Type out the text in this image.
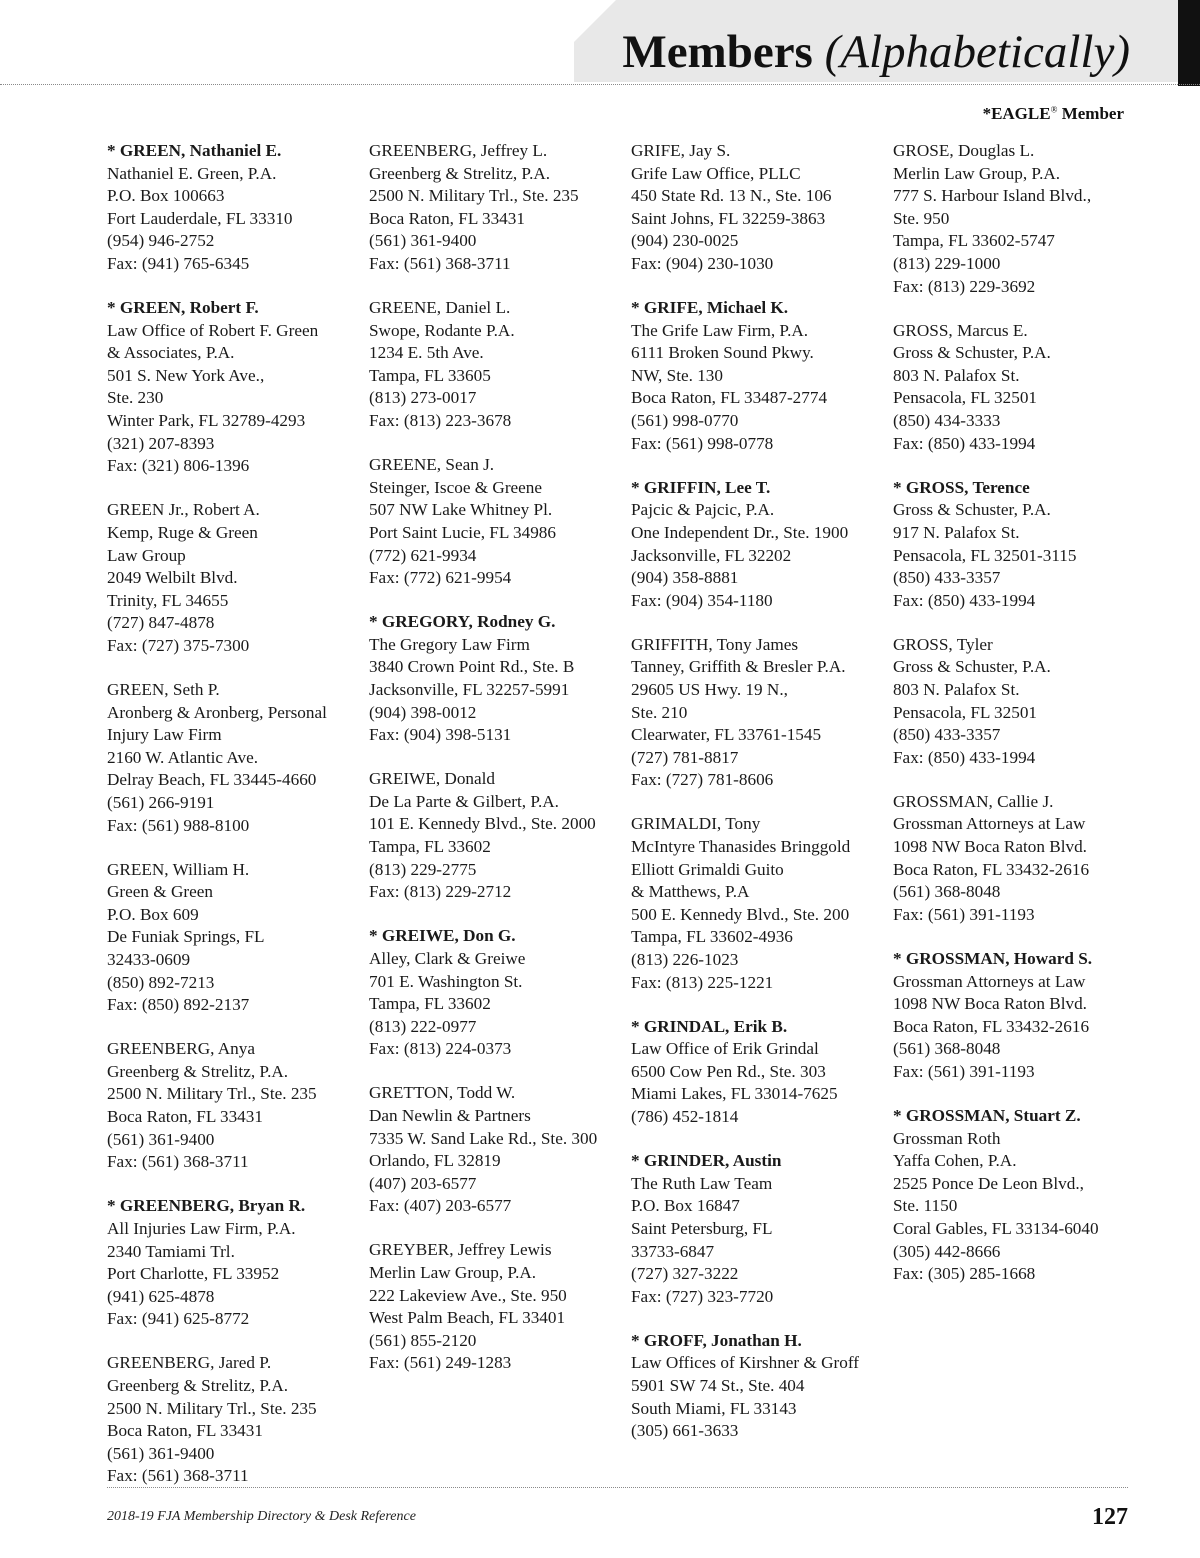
Members (Alphabetically)
*EAGLE® Member
* GREEN, Nathaniel E.
Nathaniel E. Green, P.A.
P.O. Box 100663
Fort Lauderdale, FL 33310
(954) 946-2752
Fax: (941) 765-6345
* GREEN, Robert F.
Law Office of Robert F. Green
& Associates, P.A.
501 S. New York Ave.,
Ste. 230
Winter Park, FL 32789-4293
(321) 207-8393
Fax: (321) 806-1396
GREEN Jr., Robert A.
Kemp, Ruge & Green
Law Group
2049 Welbilt Blvd.
Trinity, FL 34655
(727) 847-4878
Fax: (727) 375-7300
GREEN, Seth P.
Aronberg & Aronberg, Personal
Injury Law Firm
2160 W. Atlantic Ave.
Delray Beach, FL 33445-4660
(561) 266-9191
Fax: (561) 988-8100
GREEN, William H.
Green & Green
P.O. Box 609
De Funiak Springs, FL
32433-0609
(850) 892-7213
Fax: (850) 892-2137
GREENBERG, Anya
Greenberg & Strelitz, P.A.
2500 N. Military Trl., Ste. 235
Boca Raton, FL 33431
(561) 361-9400
Fax: (561) 368-3711
* GREENBERG, Bryan R.
All Injuries Law Firm, P.A.
2340 Tamiami Trl.
Port Charlotte, FL 33952
(941) 625-4878
Fax: (941) 625-8772
GREENBERG, Jared P.
Greenberg & Strelitz, P.A.
2500 N. Military Trl., Ste. 235
Boca Raton, FL 33431
(561) 361-9400
Fax: (561) 368-3711
GREENBERG, Jeffrey L.
Greenberg & Strelitz, P.A.
2500 N. Military Trl., Ste. 235
Boca Raton, FL 33431
(561) 361-9400
Fax: (561) 368-3711
GREENE, Daniel L.
Swope, Rodante P.A.
1234 E. 5th Ave.
Tampa, FL 33605
(813) 273-0017
Fax: (813) 223-3678
GREENE, Sean J.
Steinger, Iscoe & Greene
507 NW Lake Whitney Pl.
Port Saint Lucie, FL 34986
(772) 621-9934
Fax: (772) 621-9954
* GREGORY, Rodney G.
The Gregory Law Firm
3840 Crown Point Rd., Ste. B
Jacksonville, FL 32257-5991
(904) 398-0012
Fax: (904) 398-5131
GREIWE, Donald
De La Parte & Gilbert, P.A.
101 E. Kennedy Blvd., Ste. 2000
Tampa, FL 33602
(813) 229-2775
Fax: (813) 229-2712
* GREIWE, Don G.
Alley, Clark & Greiwe
701 E. Washington St.
Tampa, FL 33602
(813) 222-0977
Fax: (813) 224-0373
GRETTON, Todd W.
Dan Newlin & Partners
7335 W. Sand Lake Rd., Ste. 300
Orlando, FL 32819
(407) 203-6577
Fax: (407) 203-6577
GREYBER, Jeffrey Lewis
Merlin Law Group, P.A.
222 Lakeview Ave., Ste. 950
West Palm Beach, FL 33401
(561) 855-2120
Fax: (561) 249-1283
GRIFE, Jay S.
Grife Law Office, PLLC
450 State Rd. 13 N., Ste. 106
Saint Johns, FL 32259-3863
(904) 230-0025
Fax: (904) 230-1030
* GRIFE, Michael K.
The Grife Law Firm, P.A.
6111 Broken Sound Pkwy.
NW, Ste. 130
Boca Raton, FL 33487-2774
(561) 998-0770
Fax: (561) 998-0778
* GRIFFIN, Lee T.
Pajcic & Pajcic, P.A.
One Independent Dr., Ste. 1900
Jacksonville, FL 32202
(904) 358-8881
Fax: (904) 354-1180
GRIFFITH, Tony James
Tanney, Griffith & Bresler P.A.
29605 US Hwy. 19 N.,
Ste. 210
Clearwater, FL 33761-1545
(727) 781-8817
Fax: (727) 781-8606
GRIMALDI, Tony
McIntyre Thanasides Bringgold
Elliott Grimaldi Guito
& Matthews, P.A
500 E. Kennedy Blvd., Ste. 200
Tampa, FL 33602-4936
(813) 226-1023
Fax: (813) 225-1221
* GRINDAL, Erik B.
Law Office of Erik Grindal
6500 Cow Pen Rd., Ste. 303
Miami Lakes, FL 33014-7625
(786) 452-1814
* GRINDER, Austin
The Ruth Law Team
P.O. Box 16847
Saint Petersburg, FL
33733-6847
(727) 327-3222
Fax: (727) 323-7720
* GROFF, Jonathan H.
Law Offices of Kirshner & Groff
5901 SW 74 St., Ste. 404
South Miami, FL 33143
(305) 661-3633
GROSE, Douglas L.
Merlin Law Group, P.A.
777 S. Harbour Island Blvd.,
Ste. 950
Tampa, FL 33602-5747
(813) 229-1000
Fax: (813) 229-3692
GROSS, Marcus E.
Gross & Schuster, P.A.
803 N. Palafox St.
Pensacola, FL 32501
(850) 434-3333
Fax: (850) 433-1994
* GROSS, Terence
Gross & Schuster, P.A.
917 N. Palafox St.
Pensacola, FL 32501-3115
(850) 433-3357
Fax: (850) 433-1994
GROSS, Tyler
Gross & Schuster, P.A.
803 N. Palafox St.
Pensacola, FL 32501
(850) 433-3357
Fax: (850) 433-1994
GROSSMAN, Callie J.
Grossman Attorneys at Law
1098 NW Boca Raton Blvd.
Boca Raton, FL 33432-2616
(561) 368-8048
Fax: (561) 391-1193
* GROSSMAN, Howard S.
Grossman Attorneys at Law
1098 NW Boca Raton Blvd.
Boca Raton, FL 33432-2616
(561) 368-8048
Fax: (561) 391-1193
* GROSSMAN, Stuart Z.
Grossman Roth
Yaffa Cohen, P.A.
2525 Ponce De Leon Blvd.,
Ste. 1150
Coral Gables, FL 33134-6040
(305) 442-8666
Fax: (305) 285-1668
2018-19 FJA Membership Directory & Desk Reference	127
